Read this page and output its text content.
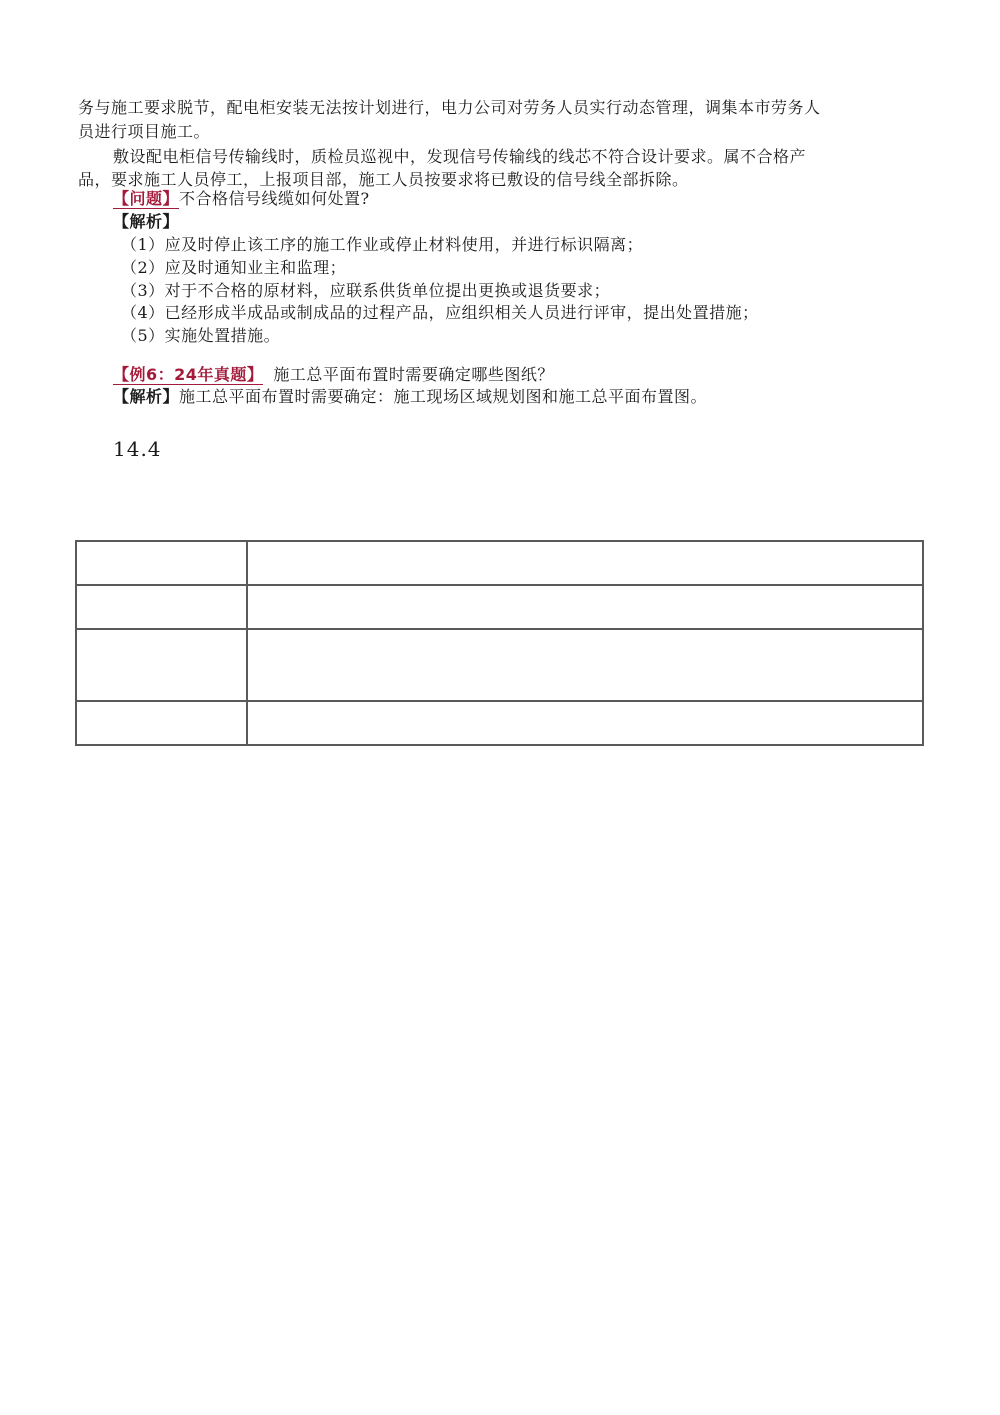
务与施工要求脱节，配电柜安装无法按计划进行，电力公司对劳务人员实行动态管理，调集本市劳务人
员进行项目施工。
敷设配电柜信号传输线时，质检员巡视中，发现信号传输线的线芯不符合设计要求。属不合格产
品，要求施工人员停工，上报项目部，施工人员按要求将已敷设的信号线全部拆除。
【问题】不合格信号线缆如何处置?
【解析】
（1）应及时停止该工序的施工作业或停止材料使用，并进行标识隔离；
（2）应及时通知业主和监理；
（3）对于不合格的原材料，应联系供货单位提出更换或退货要求；
（4）已经形成半成品或制成品的过程产品，应组织相关人员进行评审，提出处置措施；
（5）实施处置措施。
【例6：24年真题】 施工总平面布置时需要确定哪些图纸？
【解析】施工总平面布置时需要确定：施工现场区域规划图和施工总平面布置图。
14.4
